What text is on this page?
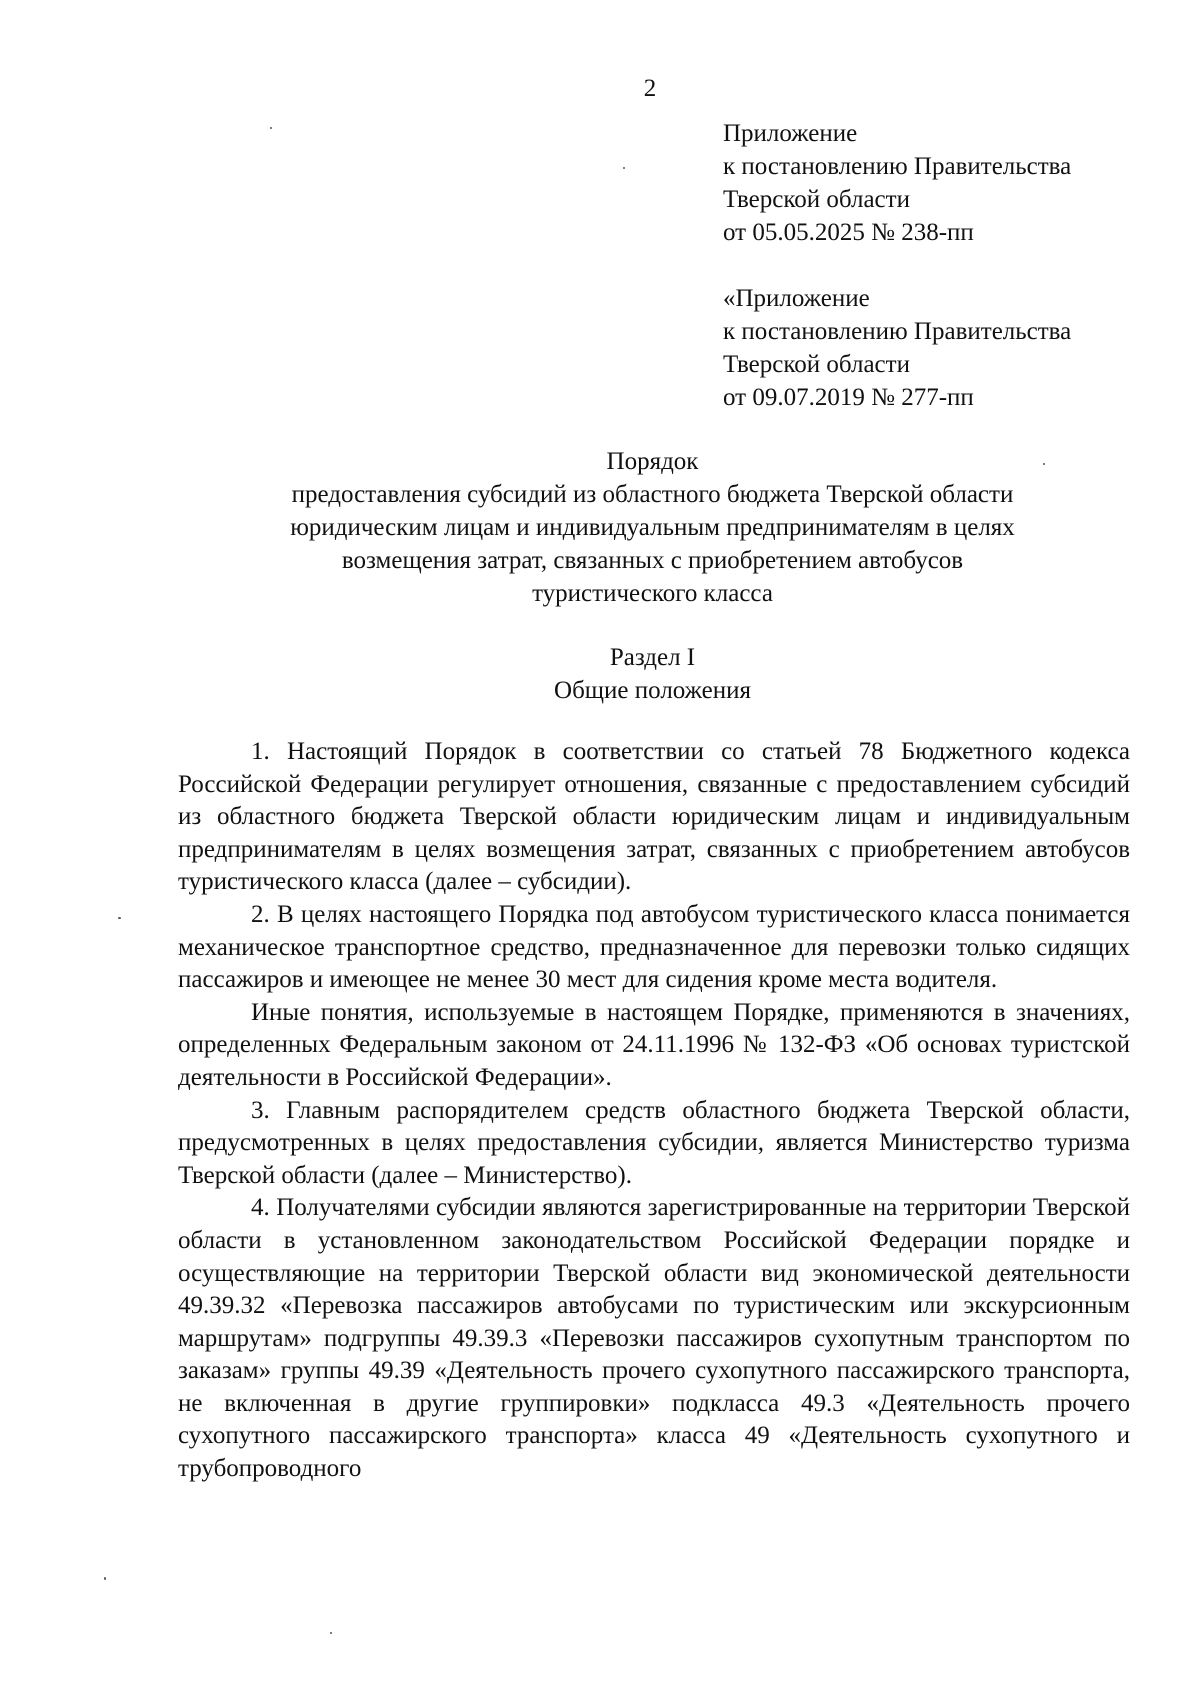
2
Приложение
к постановлению Правительства
Тверской области
от 05.05.2025 № 238-пп
«Приложение
к постановлению Правительства
Тверской области
от 09.07.2019 № 277-пп
Порядок
предоставления субсидий из областного бюджета Тверской области
юридическим лицам и индивидуальным предпринимателям в целях
возмещения затрат, связанных с приобретением автобусов
туристического класса
Раздел I
Общие положения

1. Настоящий Порядок в соответствии со статьей 78 Бюджетного кодекса Российской Федерации регулирует отношения, связанные с предоставлением субсидий из областного бюджета Тверской области юридическим лицам и индивидуальным предпринимателям в целях возмещения затрат, связанных с приобретением автобусов туристического класса (далее – субсидии).

2. В целях настоящего Порядка под автобусом туристического класса понимается механическое транспортное средство, предназначенное для перевозки только сидящих пассажиров и имеющее не менее 30 мест для сидения кроме места водителя.

Иные понятия, используемые в настоящем Порядке, применяются в значениях, определенных Федеральным законом от 24.11.1996 № 132-ФЗ «Об основах туристской деятельности в Российской Федерации».

3. Главным распорядителем средств областного бюджета Тверской области, предусмотренных в целях предоставления субсидии, является Министерство туризма Тверской области (далее – Министерство).

4. Получателями субсидии являются зарегистрированные на территории Тверской области в установленном законодательством Российской Федерации порядке и осуществляющие на территории Тверской области вид экономической деятельности 49.39.32 «Перевозка пассажиров автобусами по туристическим или экскурсионным маршрутам» подгруппы 49.39.3 «Перевозки пассажиров сухопутным транспортом по заказам» группы 49.39 «Деятельность прочего сухопутного пассажирского транспорта, не включенная в другие группировки» подкласса 49.3 «Деятельность прочего сухопутного пассажирского транспорта» класса 49 «Деятельность сухопутного и трубопроводного
